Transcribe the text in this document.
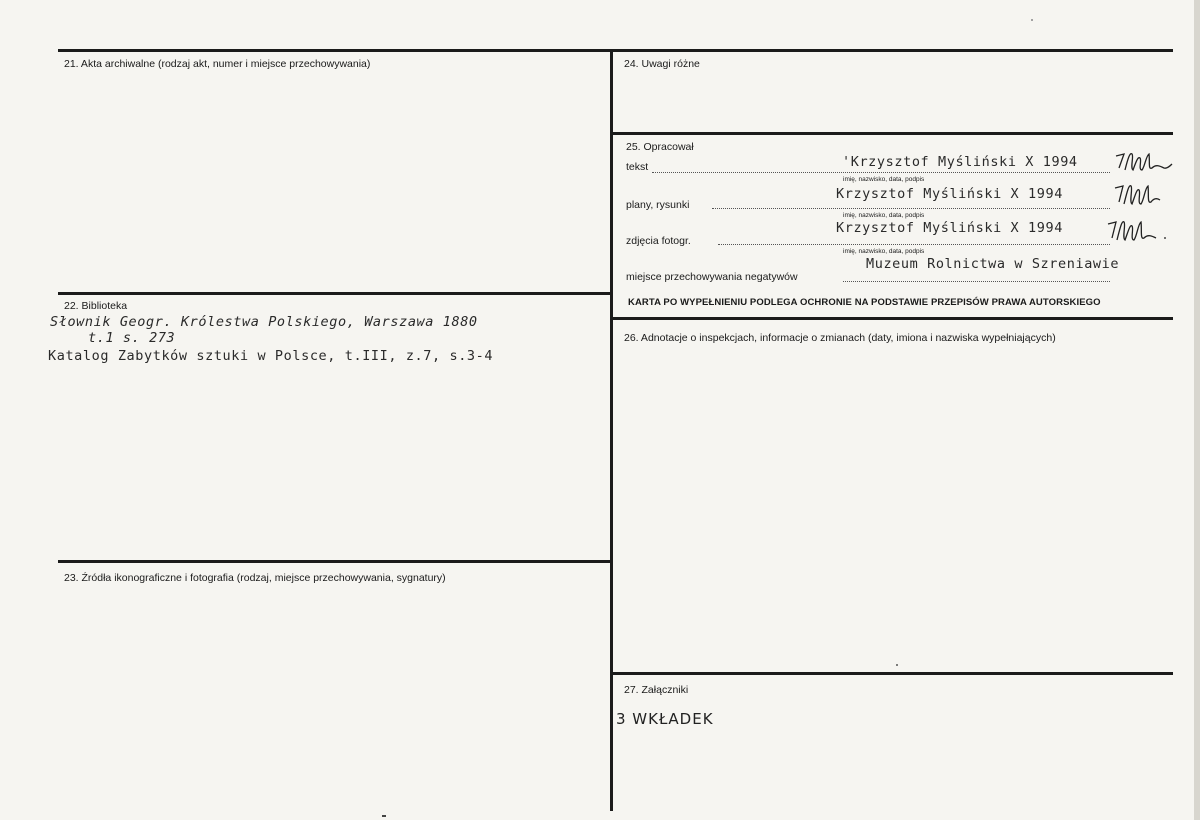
21. Akta archiwalne (rodzaj akt, numer i miejsce przechowywania)
22. Biblioteka
Słownik Geogr. Królestwa Polskiego, Warszawa 1880
t.1 s. 273
Katalog Zabytków sztuki w Polsce, t.III, z.7, s.3-4
23. Źródła ikonograficzne i fotografia (rodzaj, miejsce przechowywania, sygnatury)
24. Uwagi różne
25. Opracował
tekst	'Krzysztof Myśliński X 1994
imię, nazwisko, data, podpis
plany, rysunki
Krzysztof Myśliński X 1994
imię, nazwisko, data, podpis
zdjęcia fotogr.
Krzysztof Myśliński X 1994
imię, nazwisko, data, podpis
miejsce przechowywania negatywów
Muzeum Rolnictwa w Szreniawie
KARTA PO WYPEŁNIENIU PODLEGA OCHRONIE NA PODSTAWIE PRZEPISÓW PRAWA AUTORSKIEGO
26. Adnotacje o inspekcjach, informacje o zmianach (daty, imiona i nazwiska wypełniających)
27. Załączniki
3 WKŁADEK
